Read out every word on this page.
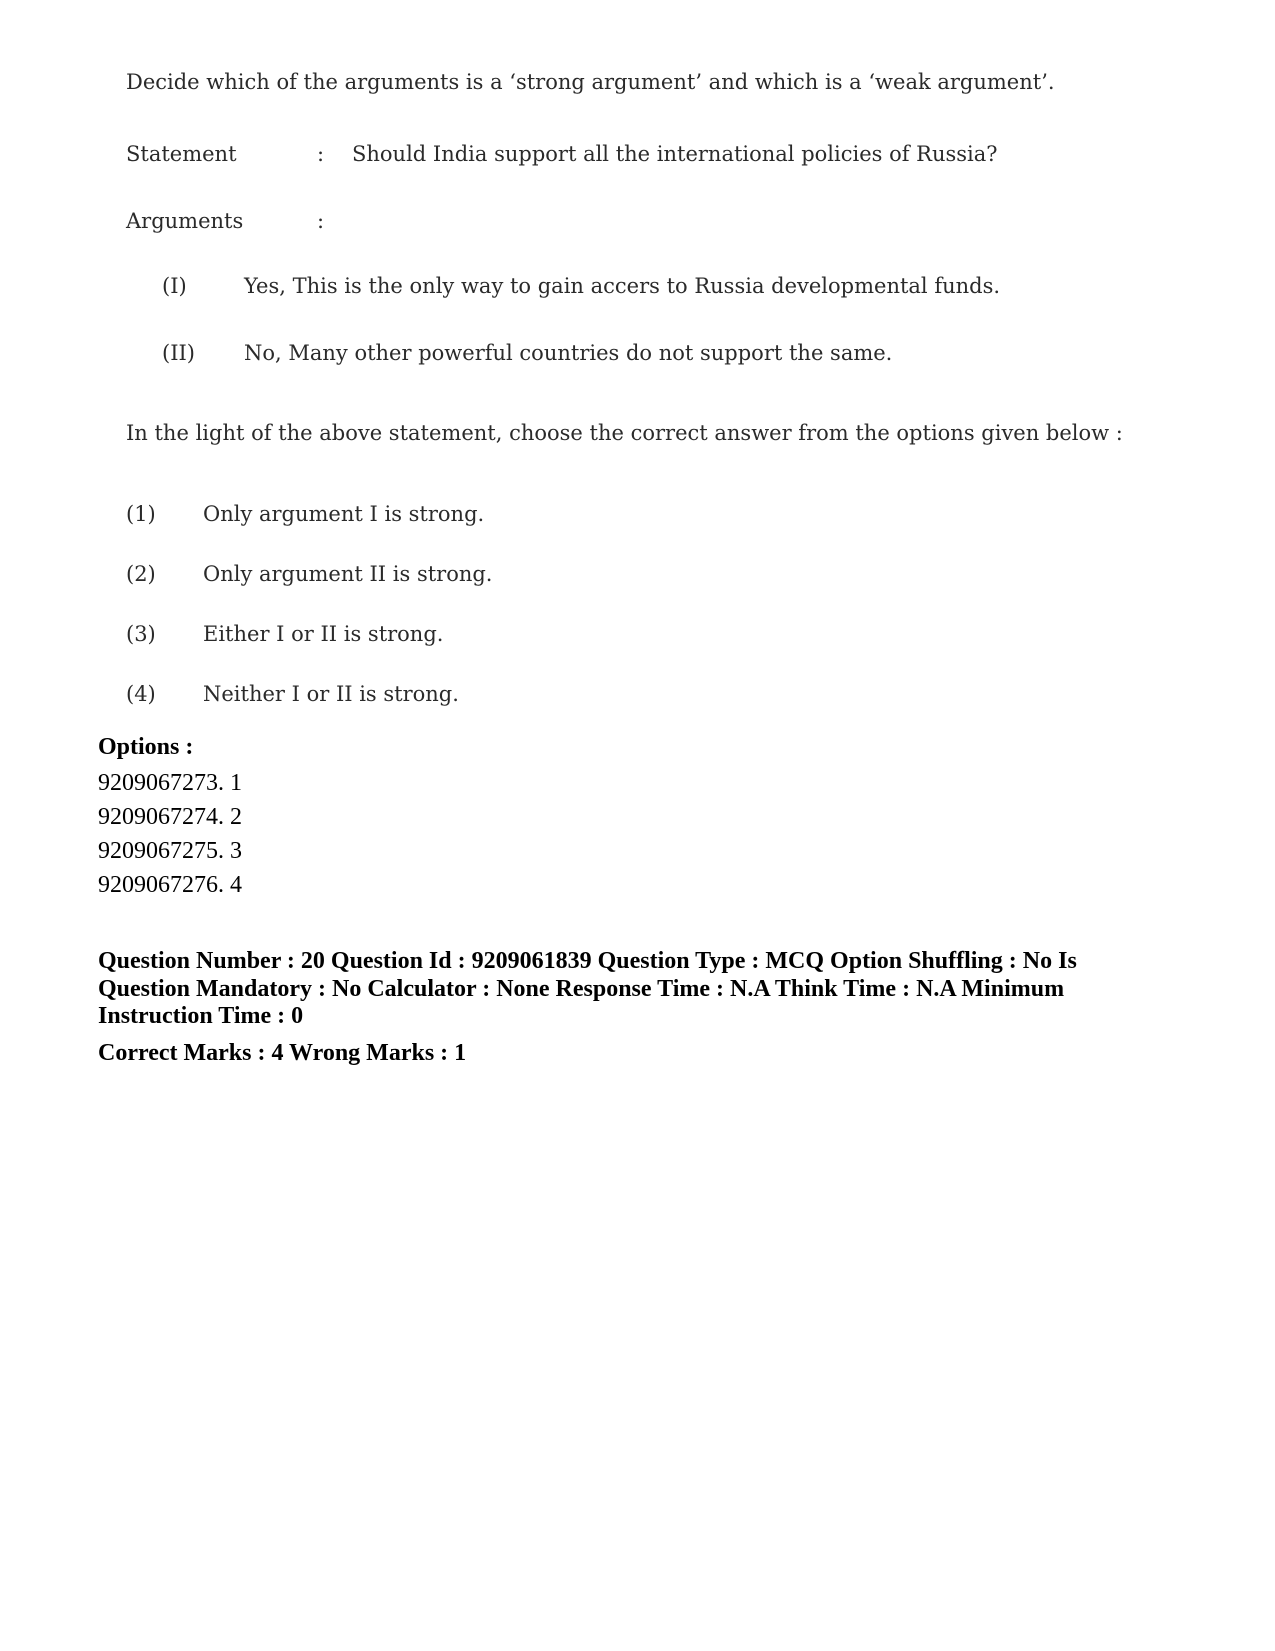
Decide which of the arguments is a ‘strong argument’ and which is a ‘weak argument’.
Statement	: Should India support all the international policies of Russia?
Arguments	:
(I)	Yes, This is the only way to gain accers to Russia developmental funds.
(II) No, Many other powerful countries do not support the same.
In the light of the above statement, choose the correct answer from the options given below :
(1) Only argument I is strong.
(2) Only argument II is strong.
(3) Either I or II is strong.
(4) Neither I or II is strong.
Options :
9209067273. 1
9209067274. 2
9209067275. 3
9209067276. 4
Question Number : 20 Question Id : 9209061839 Question Type : MCQ Option Shuffling : No Is
Question Mandatory : No Calculator : None Response Time : N.A Think Time : N.A Minimum
Instruction Time : 0
Correct Marks : 4 Wrong Marks : 1
